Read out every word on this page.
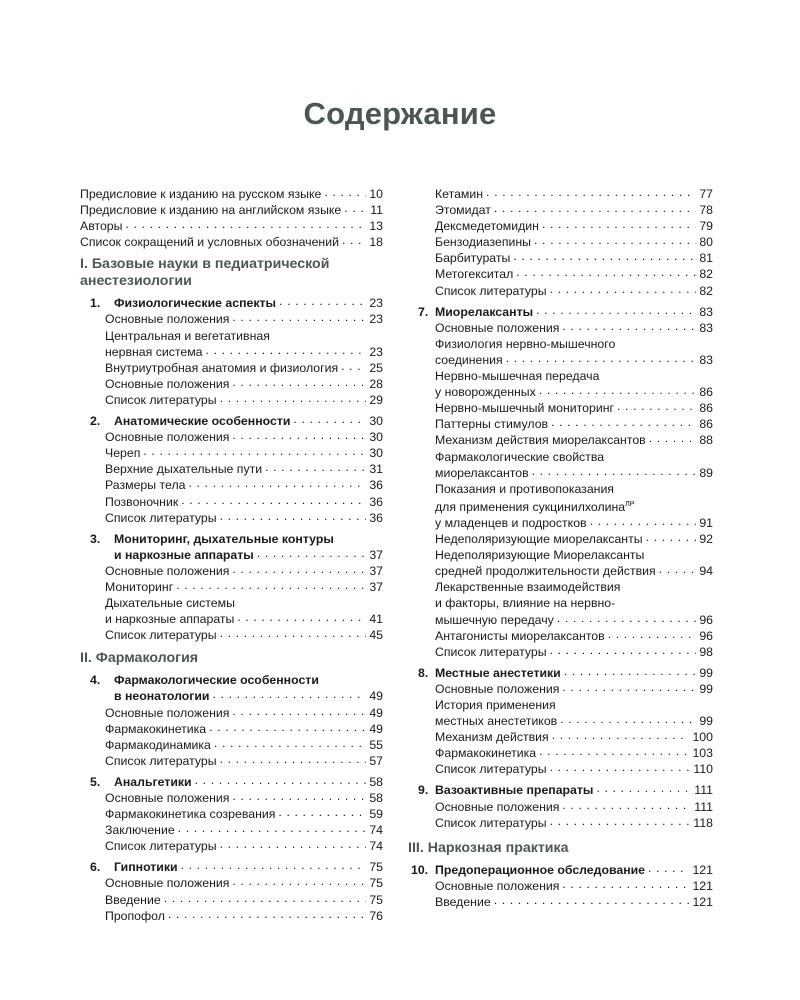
Содержание
Предисловие к изданию на русском языке . . .	10
Предисловие к изданию на английском языке . . . 11
Авторы . . .	13
Список сокращений и условных обозначений . . . 18
I. Базовые науки в педиатрической анестезиологии
1.	Физиологические аспекты . . .	23
Основные положения . . .	23
Центральная и вегетативная
нервная система . . .	23
Внутриутробная анатомия и физиология . . .	25
Основные положения . . .	28
Список литературы . . .	29
2.	Анатомические особенности . . .	30
Основные положения . . .	30
Череп . . .	30
Верхние дыхательные пути . . .	31
Размеры тела . . .	36
Позвоночник . . .	36
Список литературы . . .	36
3.	Мониторинг, дыхательные контуры
и наркозные аппараты . . .	37
Основные положения . . .	37
Мониторинг . . .	37
Дыхательные системы
и наркозные аппараты . . .	41
Список литературы . . .	45
II. Фармакология
4.	Фармакологические особенности
в неонатологии . . .	49
Основные положения . . .	49
Фармакокинетика . . .	49
Фармакодинамика . . .	55
Список литературы . . .	57
5.	Анальгетики . . .	58
Основные положения . . .	58
Фармакокинетика созревания . . .	59
Заключение . . .	74
Список литературы . . .	74
6.	Гипнотики . . .	75
Основные положения . . .	75
Введение . . .	75
Пропофол . . .	76
Кетамин . . .	77
Этомидат . . .	78
Дексмедетомидин . . .	79
Бензодиазепины . . .	80
Барбитураты . . .	81
Метогекситал . . .	82
Список литературы . . .	82
7. Миорелаксанты . . .	83
Основные положения . . .	83
Физиология нервно-мышечного
соединения . . .	83
Нервно-мышечная передача
у новорожденных . . .	86
Нервно-мышечный мониторинг . . .	86
Паттерны стимулов . . .	86
Механизм действия миорелаксантов . . .	88
Фармакологические свойства
миорелаксантов . . .	89
Показания и противопоказания
для применения сукцинилхолина$^{ЛР}$
у младенцев и подростков . . .	91
Недеполяризующие миорелаксанты . . .	92
Недеполяризующие Миорелаксанты
средней продолжительности действия . . .	94
Лекарственные взаимодействия
и факторы, влияние на нервно-
мышечную передачу . . .	96
Антагонисты миорелаксантов . . .	96
Список литературы . . .	98
8. Местные анестетики . . .	99
Основные положения . . .	99
История применения
местных анестетиков . . .	99
Механизм действия . . .	100
Фармакокинетика . . .	103
Список литературы . . .	110
9. Вазоактивные препараты . . .	111
Основные положения . . .	111
Список литературы . . .	118
III. Наркозная практика
10. Предоперационное обследование . . .	121
Основные положения . . .	121
Введение . . .	121
